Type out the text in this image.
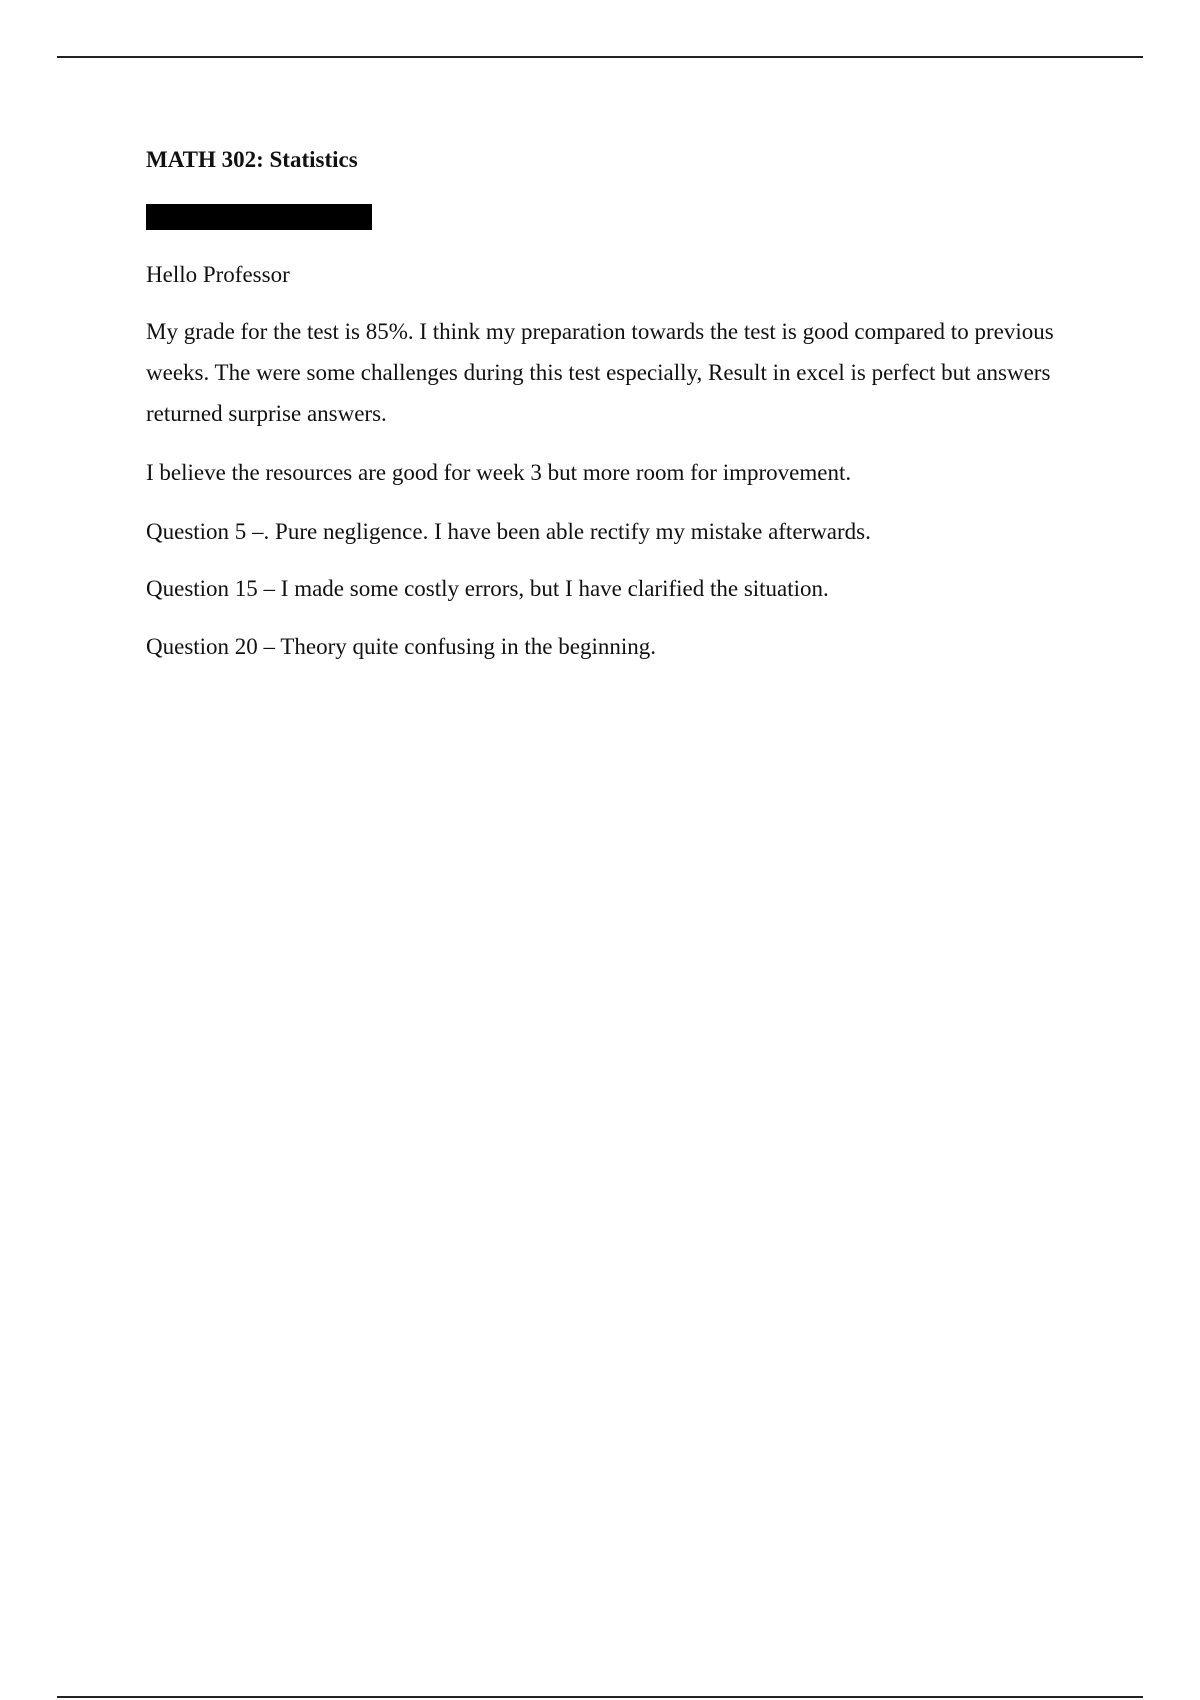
MATH 302: Statistics

Hello Professor

My grade for the test is 85%. I think my preparation towards the test is good compared to previous weeks. The were some challenges during this test especially, Result in excel is perfect but answers returned surprise answers.

I believe the resources are good for week 3 but more room for improvement.

Question 5 –. Pure negligence. I have been able rectify my mistake afterwards.

Question 15 – I made some costly errors, but I have clarified the situation.

Question 20 – Theory quite confusing in the beginning.
